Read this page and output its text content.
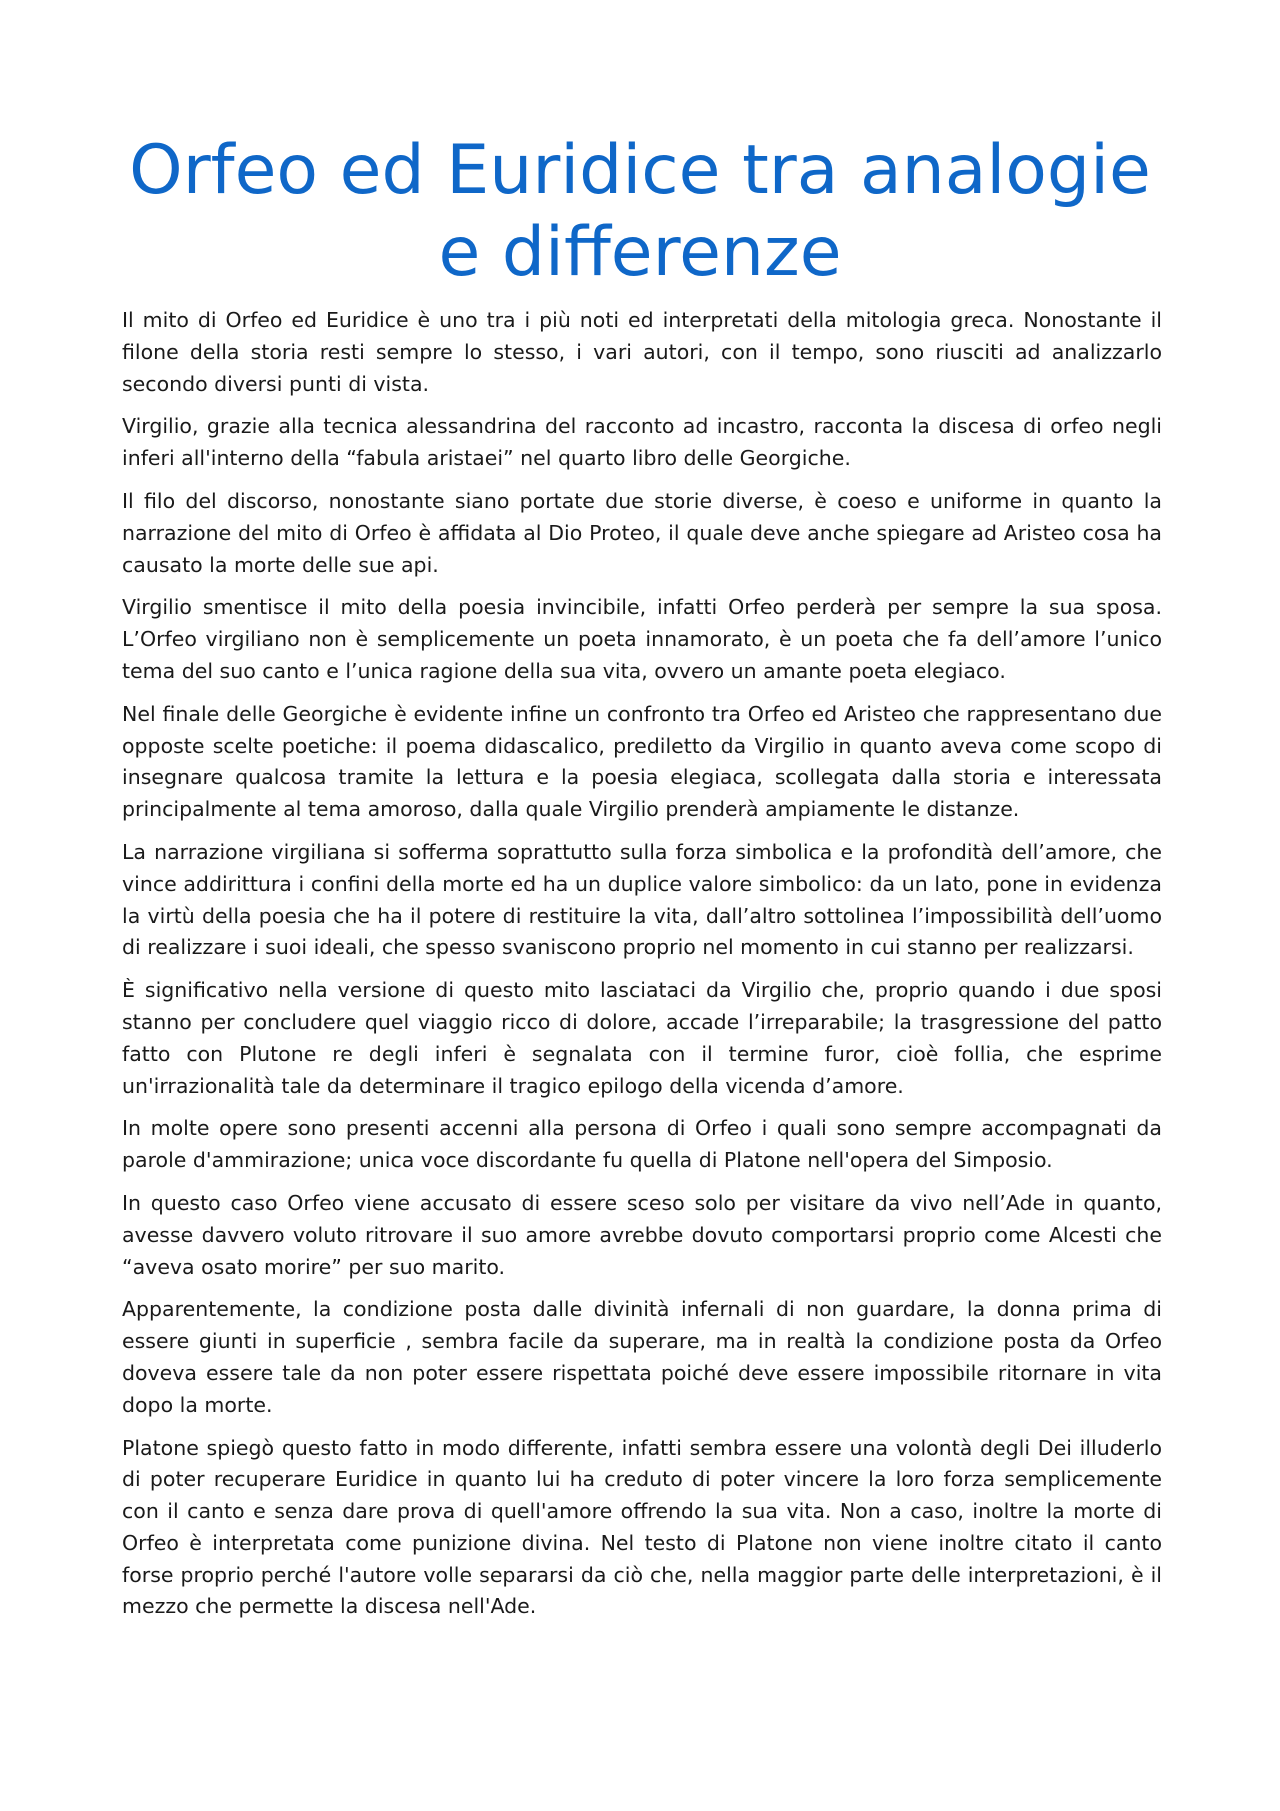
Orfeo ed Euridice tra analogie e differenze

Il mito di Orfeo ed Euridice è uno tra i più noti ed interpretati della mitologia greca. Nonostante il filone della storia resti sempre lo stesso, i vari autori, con il tempo, sono riusciti ad analizzarlo secondo diversi punti di vista.

Virgilio, grazie alla tecnica alessandrina del racconto ad incastro, racconta la discesa di orfeo negli inferi all'interno della “fabula aristaei” nel quarto libro delle Georgiche.

Il filo del discorso, nonostante siano portate due storie diverse, è coeso e uniforme in quanto la narrazione del mito di Orfeo è affidata al Dio Proteo, il quale deve anche spiegare ad Aristeo cosa ha causato la morte delle sue api.

Virgilio smentisce il mito della poesia invincibile, infatti Orfeo perderà per sempre la sua sposa. L’Orfeo virgiliano non è semplicemente un poeta innamorato, è un poeta che fa dell’amore l’unico tema del suo canto e l’unica ragione della sua vita, ovvero un amante poeta elegiaco.

Nel finale delle Georgiche è evidente infine un confronto tra Orfeo ed Aristeo che rappresentano due opposte scelte poetiche: il poema didascalico, prediletto da Virgilio in quanto aveva come scopo di insegnare qualcosa tramite la lettura e la poesia elegiaca, scollegata dalla storia e interessata principalmente al tema amoroso, dalla quale Virgilio prenderà ampiamente le distanze.

La narrazione virgiliana si sofferma soprattutto sulla forza simbolica e la profondità dell’amore, che vince addirittura i confini della morte ed ha un duplice valore simbolico: da un lato, pone in evidenza la virtù della poesia che ha il potere di restituire la vita, dall’altro sottolinea l’impossibilità dell’uomo di realizzare i suoi ideali, che spesso svaniscono proprio nel momento in cui stanno per realizzarsi.

È significativo nella versione di questo mito lasciataci da Virgilio che, proprio quando i due sposi stanno per concludere quel viaggio ricco di dolore, accade l’irreparabile; la trasgressione del patto fatto con Plutone re degli inferi è segnalata con il termine furor, cioè follia, che esprime un'irrazionalità tale da determinare il tragico epilogo della vicenda d’amore.

In molte opere sono presenti accenni alla persona di Orfeo i quali sono sempre accompagnati da parole d'ammirazione; unica voce discordante fu quella di Platone nell'opera del Simposio.

In questo caso Orfeo viene accusato di essere sceso solo per visitare da vivo nell’Ade in quanto, avesse davvero voluto ritrovare il suo amore avrebbe dovuto comportarsi proprio come Alcesti che “aveva osato morire” per suo marito.

Apparentemente, la condizione posta dalle divinità infernali di non guardare, la donna prima di essere giunti in superficie , sembra facile da superare, ma in realtà la condizione posta da Orfeo doveva essere tale da non poter essere rispettata poiché deve essere impossibile ritornare in vita dopo la morte.

Platone spiegò questo fatto in modo differente, infatti sembra essere una volontà degli Dei illuderlo di poter recuperare Euridice in quanto lui ha creduto di poter vincere la loro forza semplicemente con il canto e senza dare prova di quell'amore offrendo la sua vita. Non a caso, inoltre la morte di Orfeo è interpretata come punizione divina. Nel testo di Platone non viene inoltre citato il canto forse proprio perché l'autore volle separarsi da ciò che, nella maggior parte delle interpretazioni, è il mezzo che permette la discesa nell'Ade.
